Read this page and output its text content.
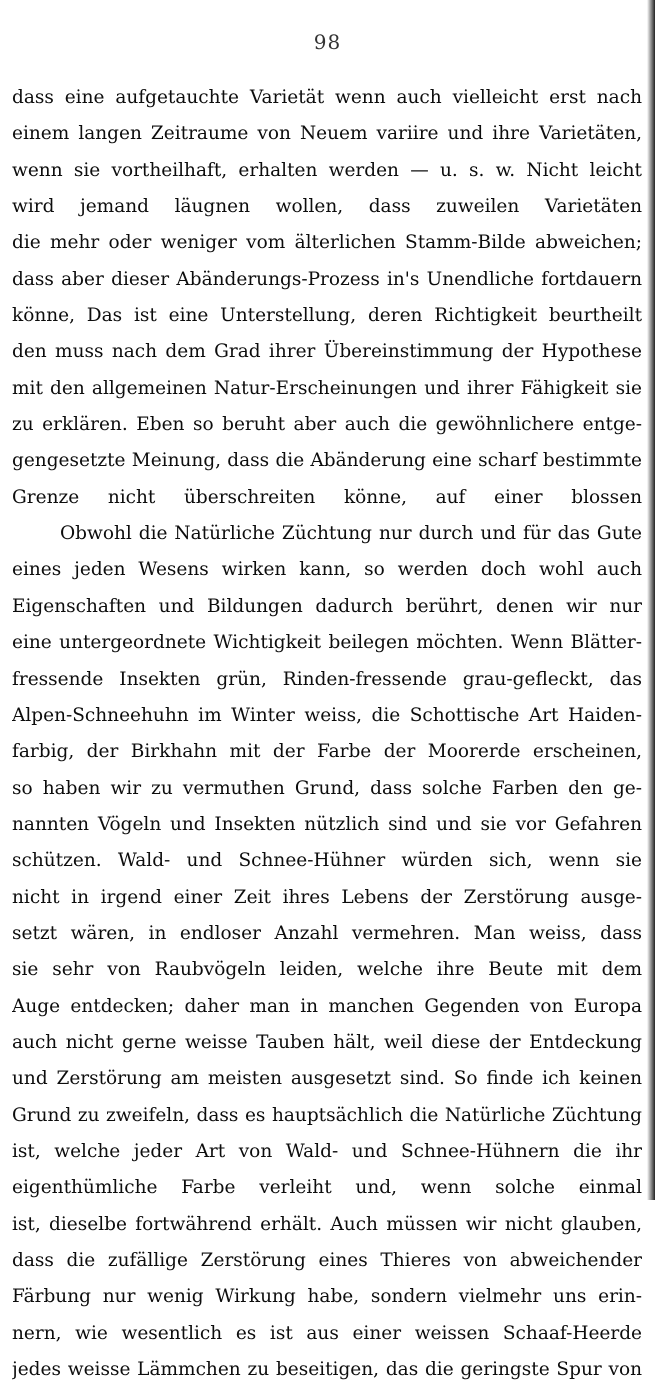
98
dass eine aufgetauchte Varietät wenn auch vielleicht erst nach
einem langen Zeitraume von Neuem variire und ihre Varietäten,
wenn sie vortheilhaft, erhalten werden — u. s. w. Nicht leicht
wird jemand läugnen wollen, dass zuweilen Varietäten
die mehr oder weniger vom älterlichen Stamm-Bilde abweichen;
dass aber dieser Abänderungs-Prozess in's Unendliche fortdauern
könne, Das ist eine Unterstellung, deren Richtigkeit beurtheilt
den muss nach dem Grad ihrer Übereinstimmung der Hypothese
mit den allgemeinen Natur-Erscheinungen und ihrer Fähigkeit sie
zu erklären. Eben so beruht aber auch die gewöhnlichere entge-
gengesetzte Meinung, dass die Abänderung eine scharf bestimmte
Grenze nicht überschreiten könne, auf einer blossen
Obwohl die Natürliche Züchtung nur durch und für das Gute
eines jeden Wesens wirken kann, so werden doch wohl auch
Eigenschaften und Bildungen dadurch berührt, denen wir nur
eine untergeordnete Wichtigkeit beilegen möchten. Wenn Blätter-
fressende Insekten grün, Rinden-fressende grau-gefleckt, das
Alpen-Schneehuhn im Winter weiss, die Schottische Art Haiden-
farbig, der Birkhahn mit der Farbe der Moorerde erscheinen,
so haben wir zu vermuthen Grund, dass solche Farben den ge-
nannten Vögeln und Insekten nützlich sind und sie vor Gefahren
schützen. Wald- und Schnee-Hühner würden sich, wenn sie
nicht in irgend einer Zeit ihres Lebens der Zerstörung ausge-
setzt wären, in endloser Anzahl vermehren. Man weiss, dass
sie sehr von Raubvögeln leiden, welche ihre Beute mit dem
Auge entdecken; daher man in manchen Gegenden von Europa
auch nicht gerne weisse Tauben hält, weil diese der Entdeckung
und Zerstörung am meisten ausgesetzt sind. So finde ich keinen
Grund zu zweifeln, dass es hauptsächlich die Natürliche Züchtung
ist, welche jeder Art von Wald- und Schnee-Hühnern die ihr
eigenthümliche Farbe verleiht und, wenn solche einmal
ist, dieselbe fortwährend erhält. Auch müssen wir nicht glauben,
dass die zufällige Zerstörung eines Thieres von abweichender
Färbung nur wenig Wirkung habe, sondern vielmehr uns erin-
nern, wie wesentlich es ist aus einer weissen Schaaf-Heerde
jedes weisse Lämmchen zu beseitigen, das die geringste Spur von
